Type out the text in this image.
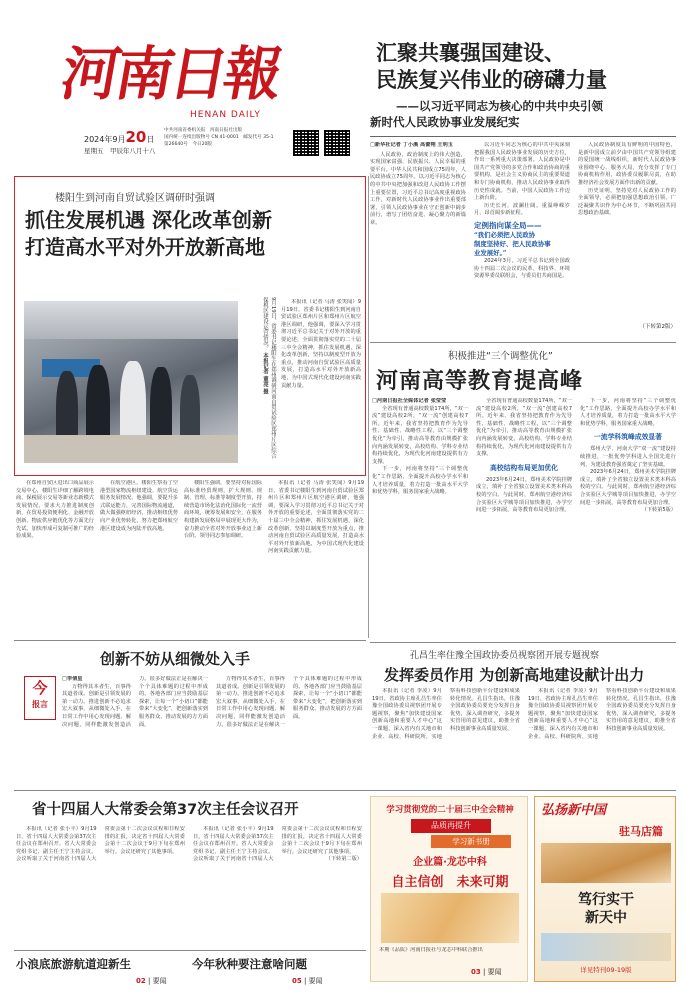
河南日報
HENAN DAILY
2024年9月20日
星期五　 甲辰年八月十八
中共河南省委机关报　河南日报社出版
国内统一连续出版物号 CN 41-0001　邮发代号 35-1
第26640号　今日20版
汇聚共襄强国建设、
民族复兴伟业的磅礴力量
——以习近平同志为核心的中共中央引领
新时代人民政协事业发展纪实
□新华社记者 丁小溪 高蕾翔 王明玉

人民政协，政治制度上的伟大创造，实现国家富强、民族振兴、人民幸福的重要平台。中华人民共和国成立75周年，人民政协成立75周年。以习近平同志为核心的中共中央把加强和改进人民政协工作摆上重要位置，习近平总书记高度重视政协工作，对新时代人民政协事业作出重要部署，引领人民政协事业在守正创新中阔步前行，谱写了团结奋进、凝心聚力的新篇章。

以习近平同志为核心的中共中央深刻把握我国人民政协事业发展的历史方位，作出一系列重大决策部署。人民政协是中国共产党领导的多党合作和政治协商的重要机构，是社会主义协商民主的重要渠道和专门协商机构，推动人民政协事业取得历史性成就。当前，中国人民政协工作迈上新台阶。

历史长河，波澜壮阔。重温峥嵘岁月，昂首阔步新征程。

定例指向谋全局——
“我们必须把人民政协
制度坚持好、把人民政协事
业发展好。”

2024年3月，习近平总书记到全国政协十四届二次会议的民革、科技界、环境资源界委员联组会，与委员们共商国是。

人民政协制度具有鲜明的中国特色，是新中国成立前夕由中国共产党领导组建的爱国统一战线组织，新时代人民政协事业围绕中心、服务大局，充分发挥了专门协商机构作用，政协委员履职尽责，在助推经济社会发展方面作出新的贡献。

历史证明，坚持党对人民政协工作的全面领导，必须把加强思想政治引领，广泛凝聚共识作为中心环节，不断巩固共同思想政治基础。

（下转第2版）
楼阳生到河南自贸试验区调研时强调
抓住发展机遇 深化改革创新
打造高水平对外开放新高地
9月19日，省委书记楼阳生在郑州调研河南自贸试验区郑州片区综合保税区建设运营情况。 本报记者 董亮 摄

本报讯（记者 马涛 张笑闻）9月19日，省委书记楼阳生到河南自贸试验区郑州片区和郑州片区航空港区调研，他强调，要深入学习贯彻习近平总书记关于对外开放的重要论述，全面贯彻落实党的二十届三中全会精神，抓住发展机遇，深化改革创新，坚持以制度型开放为重点，推动河南自贸试验区高质量发展，打造高水平对外开放新高地，为中国式现代化建设河南实践贡献力量。

在郑州自贸区进出口商品展示交易中心，楼阳生详细了解跨境电商、保税展示交易等新业态新模式发展情况，要求大力推进制度创新，在贸易投资便利化、金融开放创新、物流供应链优化等方面先行先试，加快形成可复制可推广的经验成果。

在航空港区，楼阳生察看了空港型国家物流枢纽建设、航空货运服务发展情况。他强调，要提升多式联运能力，完善国际物流通道，做大做强枢纽经济，推动枢纽优势向产业优势转化，努力把郑州航空港区建设成为内陆开放高地。

楼阳生强调，要坚持对标国际高标准经贸规则，扩大规则、规制、管理、标准等制度型开放，持续营造市场化法治化国际化一流营商环境，统筹发展和安全，在服务构建新发展格局中展现更大作为，奋力推动全省对外开放事业迈上新台阶。领导同志参加调研。

本报讯（记者 马涛 张笑闻）9月19日，省委书记楼阳生到河南自贸试验区郑州片区和郑州片区航空港区调研，他强调，要深入学习贯彻习近平总书记关于对外开放的重要论述，全面贯彻落实党的二十届三中全会精神，抓住发展机遇，深化改革创新，坚持以制度型开放为重点，推动河南自贸试验区高质量发展，打造高水平对外开放新高地，为中国式现代化建设河南实践贡献力量。

创新不妨从细微处入手
今
报言
□李倩星

万物得其本者生，百事得其道者成。创新是引领发展的第一动力。推进创新不必追求宏大叙事，从细微处入手，在日常工作中用心发现问题、解决问题，同样能激发创造活力。很多好做法正是在解决一个个具体难题的过程中形成的。各地各部门应当鼓励基层探索，让每一个“小切口”都能带来“大变化”，把创新落实到服务群众、推动发展的方方面面。

万物得其本者生，百事得其道者成。创新是引领发展的第一动力。推进创新不必追求宏大叙事，从细微处入手，在日常工作中用心发现问题、解决问题，同样能激发创造活力。很多好做法正是在解决一个个具体难题的过程中形成的。各地各部门应当鼓励基层探索，让每一个“小切口”都能带来“大变化”，把创新落实到服务群众、推动发展的方方面面。

积极推进“三个调整优化”
河南高等教育提高峰
□河南日报社全媒体记者 张莹莹

全省现有普通高校数量174所，“双一流”建设高校2所，“双一流”创建高校7所。近年来，我省坚持把教育作为先导性、基础性、战略性工程，以“三个调整优化”为牵引，推动高等教育由规模扩张向内涵发展转变，高校结构、学科专业结构持续优化，为现代化河南建设提供有力支撑。

下一步，河南将坚持“三个调整优化”工作思路，全面提升高校办学水平和人才培养质量，着力打造一批高水平大学和优势学科，服务国家重大战略。

全省现有普通高校数量174所，“双一流”建设高校2所，“双一流”创建高校7所。近年来，我省坚持把教育作为先导性、基础性、战略性工程，以“三个调整优化”为牵引，推动高等教育由规模扩张向内涵发展转变，高校结构、学科专业结构持续优化，为现代化河南建设提供有力支撑。

高校结构布局更加优化

2023年6月24日，郑州美术学院挂牌成立，填补了全省独立设置美术类本科高校的空白。与此同时，郑州航空港经济综合实验区大学城等项目加快推进，办学空间进一步拓展，高等教育布局更加合理。

下一步，河南将坚持“三个调整优化”工作思路，全面提升高校办学水平和人才培养质量，着力打造一批高水平大学和优势学科，服务国家重大战略。

一流学科筑峰成效显著

郑州大学、河南大学“双一流”建设持续推进，一批优势学科进入全国先进行列，为建设教育强省奠定了坚实基础。

2023年6月24日，郑州美术学院挂牌成立，填补了全省独立设置美术类本科高校的空白。与此同时，郑州航空港经济综合实验区大学城等项目加快推进，办学空间进一步拓展，高等教育布局更加合理。

（下转第5版）
孔昌生率住豫全国政协委员视察团开展专题视察
发挥委员作用 为创新高地建设献计出力

本报讯（记者 李凌）9月19日，省政协主席孔昌生率住豫全国政协委员视察团开展专题视察，聚焦“加快建设国家创新高地和重要人才中心”这一课题，深入省内有关地市和企业、高校、科研院所，实地察看科技创新平台建设和成果转化情况。孔昌生指出，住豫全国政协委员要充分发挥自身优势，深入调查研究，多提务实管用的意见建议，助推全省科技创新事业高质量发展。

本报讯（记者 李凌）9月19日，省政协主席孔昌生率住豫全国政协委员视察团开展专题视察，聚焦“加快建设国家创新高地和重要人才中心”这一课题，深入省内有关地市和企业、高校、科研院所，实地察看科技创新平台建设和成果转化情况。孔昌生指出，住豫全国政协委员要充分发挥自身优势，深入调查研究，多提务实管用的意见建议，助推全省科技创新事业高质量发展。

省十四届人大常委会第37次主任会议召开

本报讯（记者 张小平）9月19日，省十四届人大常委会第37次主任会议在郑州召开。省人大常委会党组书记、副主任王宁主持会议。会议听取了关于河南省十四届人大常委会第十二次会议议程和日程安排的汇报，决定省十四届人大常委会第十二次会议于9月下旬在郑州举行。会议还研究了其他事项。

本报讯（记者 张小平）9月19日，省十四届人大常委会第37次主任会议在郑州召开。省人大常委会党组书记、副主任王宁主持会议。会议听取了关于河南省十四届人大常委会第十二次会议议程和日程安排的汇报，决定省十四届人大常委会第十二次会议于9月下旬在郑州举行。会议还研究了其他事项。

（下转第二版）
学习贯彻党的二十届三中全会精神
品质再提升
学习新书册
企业篇·龙芯中科
自主信创　未来可期
本期《品质》河南日报社与龙芯中科联合推出
03 | 要闻
弘扬新中国
驻马店篇
笃行实干
新天中
详见特刊09-19版
小浪底旅游航道迎新生
02 | 要闻
今年秋种要注意啥问题
05 | 要闻
